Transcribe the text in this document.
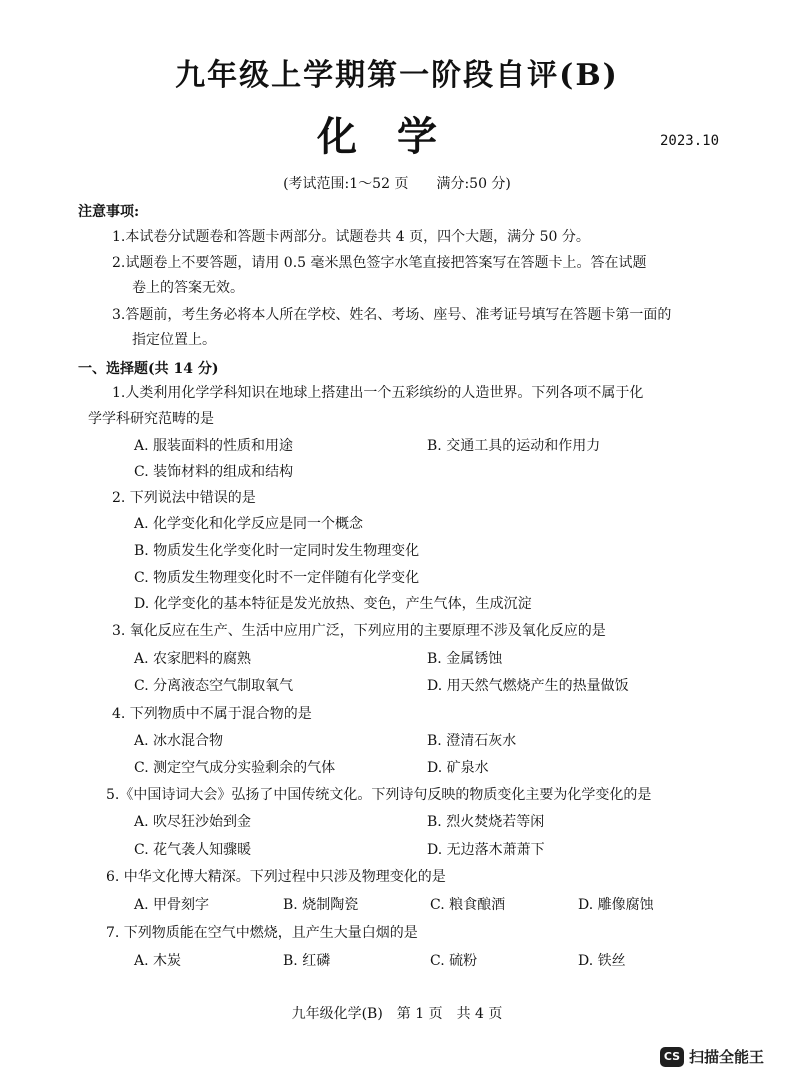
九年级上学期第一阶段自评(B)
化学	2023.10
(考试范围:1～52 页　　满分:50 分)
注意事项:
1.本试卷分试题卷和答题卡两部分。试题卷共 4 页，四个大题，满分 50 分。
2.试题卷上不要答题，请用 0.5 毫米黑色签字水笔直接把答案写在答题卡上。答在试题
卷上的答案无效。
3.答题前，考生务必将本人所在学校、姓名、考场、座号、准考证号填写在答题卡第一面的
指定位置上。
一、选择题(共 14 分)
1.人类利用化学学科知识在地球上搭建出一个五彩缤纷的人造世界。下列各项不属于化
学学科研究范畴的是
A. 服装面料的性质和用途	B. 交通工具的运动和作用力
C. 装饰材料的组成和结构
2. 下列说法中错误的是
A. 化学变化和化学反应是同一个概念
B. 物质发生化学变化时一定同时发生物理变化
C. 物质发生物理变化时不一定伴随有化学变化
D. 化学变化的基本特征是发光放热、变色，产生气体，生成沉淀
3. 氧化反应在生产、生活中应用广泛，下列应用的主要原理不涉及氧化反应的是
A. 农家肥料的腐熟	B. 金属锈蚀
C. 分离液态空气制取氧气	D. 用天然气燃烧产生的热量做饭
4. 下列物质中不属于混合物的是
A. 冰水混合物	B. 澄清石灰水
C. 测定空气成分实验剩余的气体	D. 矿泉水
5.《中国诗词大会》弘扬了中国传统文化。下列诗句反映的物质变化主要为化学变化的是
A. 吹尽狂沙始到金	B. 烈火焚烧若等闲
C. 花气袭人知骤暖	D. 无边落木萧萧下
6. 中华文化博大精深。下列过程中只涉及物理变化的是
A. 甲骨刻字	B. 烧制陶瓷	C. 粮食酿酒	D. 雕像腐蚀
7. 下列物质能在空气中燃烧，且产生大量白烟的是
A. 木炭	B. 红磷	C. 硫粉	D. 铁丝
九年级化学(B)　第 1 页　共 4 页
CS 扫描全能王
